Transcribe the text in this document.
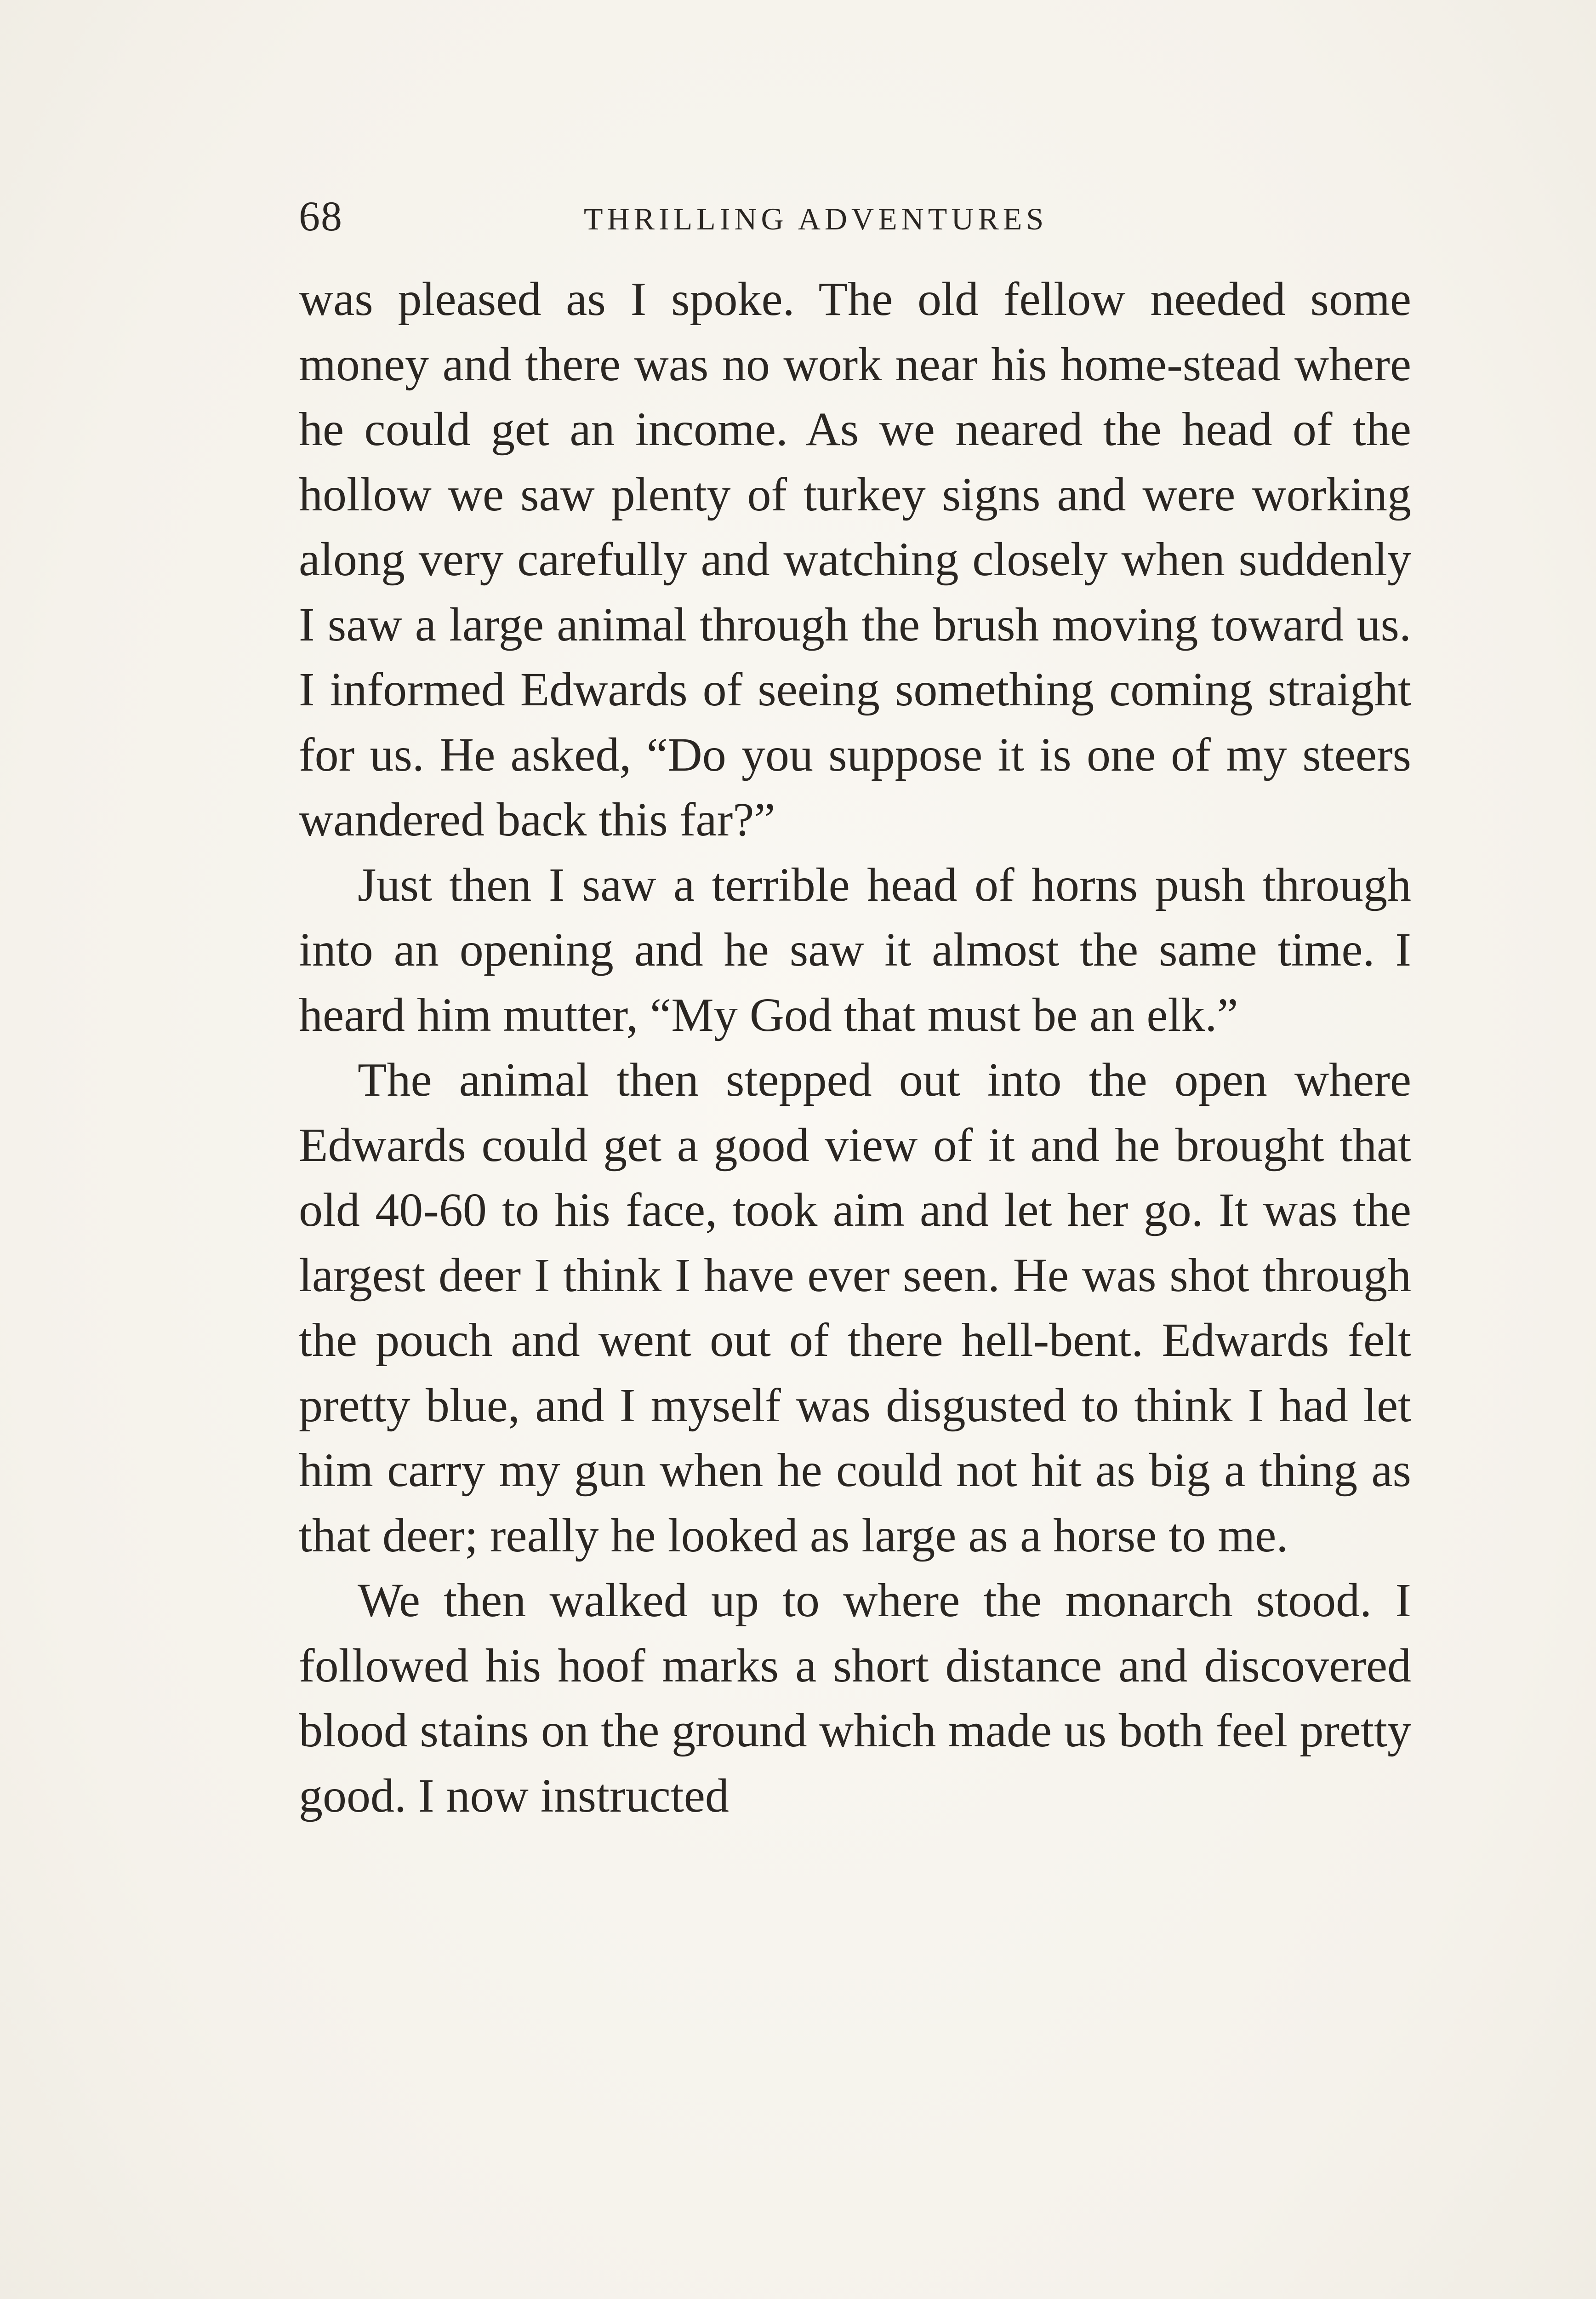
68	THRILLING ADVENTURES

was pleased as I spoke. The old fellow needed some money and there was no work near his home-stead where he could get an income. As we neared the head of the hollow we saw plenty of turkey signs and were working along very carefully and watching closely when suddenly I saw a large animal through the brush moving toward us. I informed Edwards of seeing something coming straight for us. He asked, “Do you suppose it is one of my steers wandered back this far?”

Just then I saw a terrible head of horns push through into an opening and he saw it almost the same time. I heard him mutter, “My God that must be an elk.”

The animal then stepped out into the open where Edwards could get a good view of it and he brought that old 40-60 to his face, took aim and let her go. It was the largest deer I think I have ever seen. He was shot through the pouch and went out of there hell-bent. Edwards felt pretty blue, and I myself was disgusted to think I had let him carry my gun when he could not hit as big a thing as that deer; really he looked as large as a horse to me.

We then walked up to where the monarch stood. I followed his hoof marks a short distance and discovered blood stains on the ground which made us both feel pretty good. I now instructed
